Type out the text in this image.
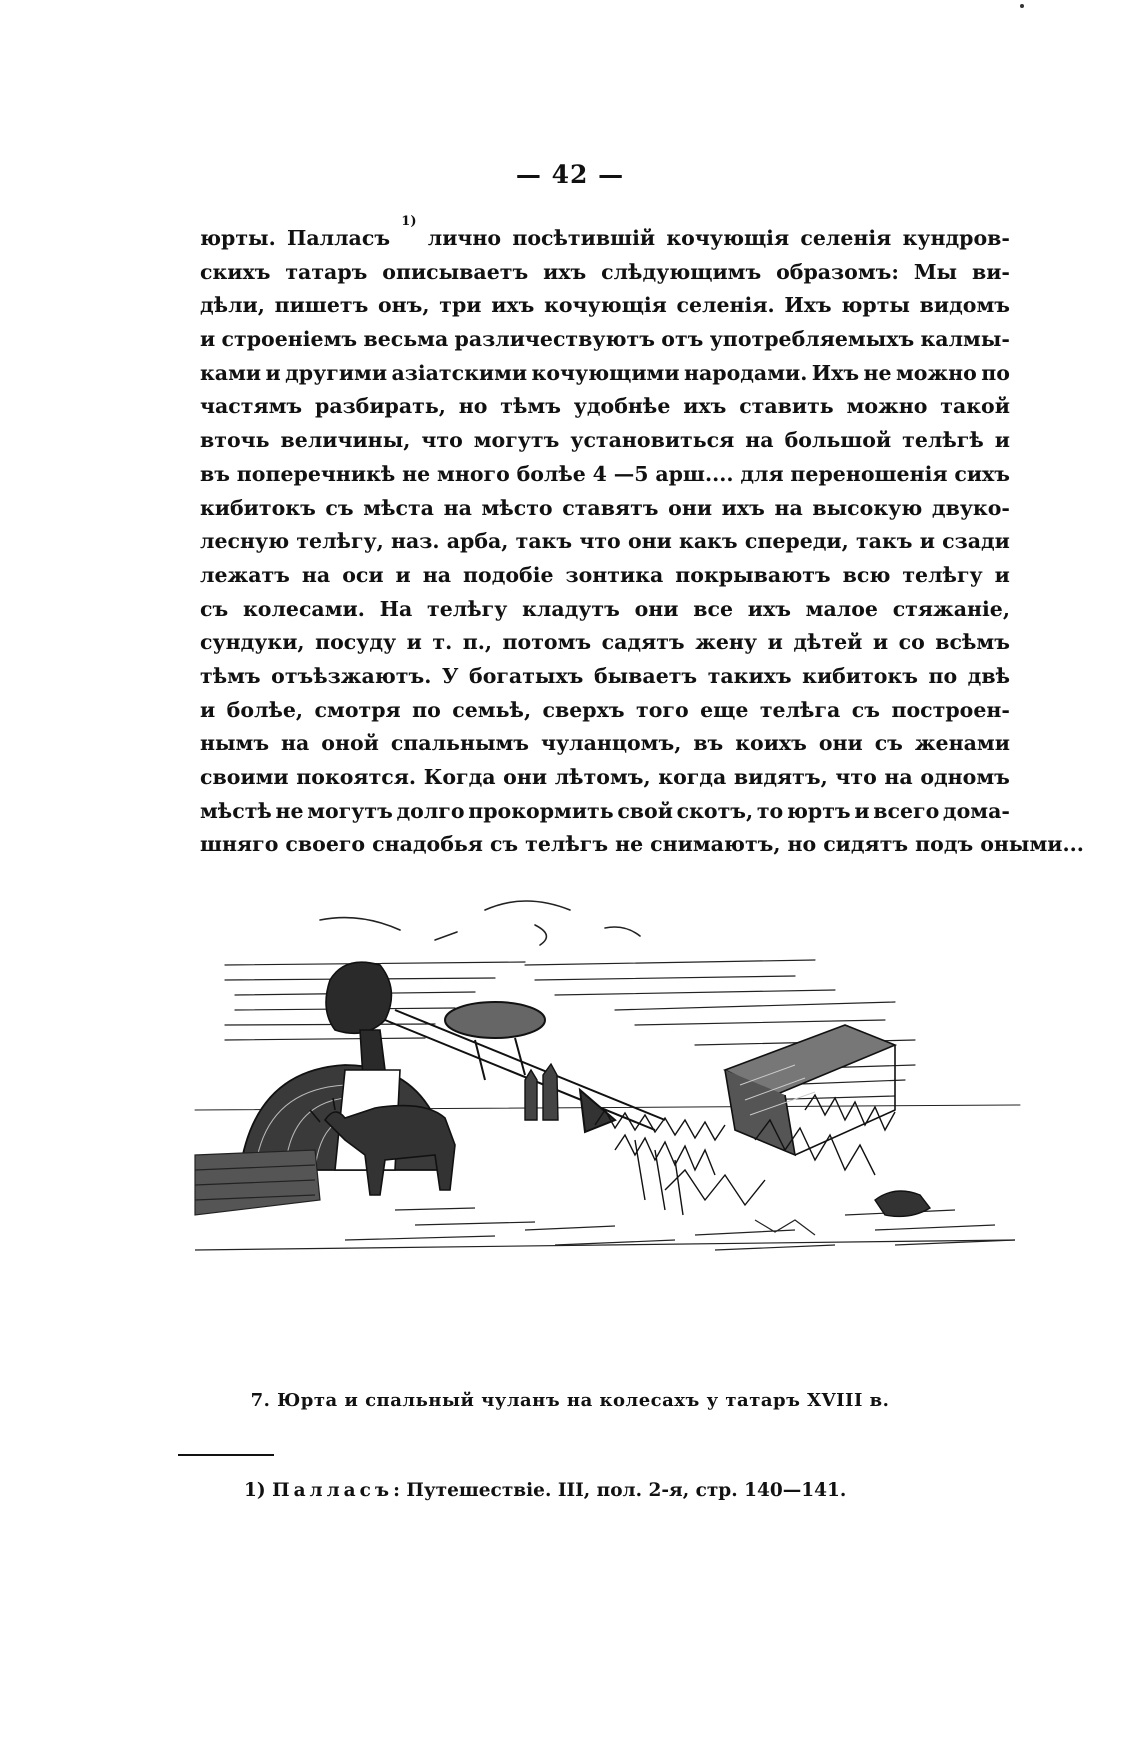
— 42 —
юрты. Палласъ
1)
лично посѣтившій кочующія селенія кундров-
скихъ татаръ описываетъ ихъ слѣдующимъ образомъ: Мы ви-
дѣли, пишетъ онъ, три ихъ кочующія селенія. Ихъ юрты видомъ
и строеніемъ весьма различествуютъ отъ употребляемыхъ калмы-
ками и другими азіатскими кочующими народами. Ихъ не можно по
частямъ разбирать, но тѣмъ удобнѣе ихъ ставить можно такой
вточь величины, что могутъ установиться на большой телѣгѣ и
въ поперечникѣ не много болѣе 4 —5 арш.... для переношенія сихъ
кибитокъ съ мѣста на мѣсто ставятъ они ихъ на высокую двуко-
лесную телѣгу, наз. арба, такъ что они какъ спереди, такъ и сзади
лежатъ на оси и на подобіе зонтика покрываютъ всю телѣгу и
съ колесами. На телѣгу кладутъ они все ихъ малое стяжаніе,
сундуки, посуду и т. п., потомъ садятъ жену и дѣтей и со всѣмъ
тѣмъ отъѣзжаютъ. У богатыхъ бываетъ такихъ кибитокъ по двѣ
и болѣе, смотря по семьѣ, сверхъ того еще телѣга съ построен-
нымъ на оной спальнымъ чуланцомъ, въ коихъ они съ женами
своими покоятся. Когда они лѣтомъ, когда видятъ, что на одномъ
мѣстѣ не могутъ долго прокормить свой скотъ, то юртъ и всего дома-
шняго своего снадобья съ телѣгъ не снимаютъ, но сидятъ подъ оными...
7. Юрта и спальный чуланъ на колесахъ у татаръ XVIII в.
1) Палласъ: Путешествіе. III, пол. 2-я, стр. 140—141.
